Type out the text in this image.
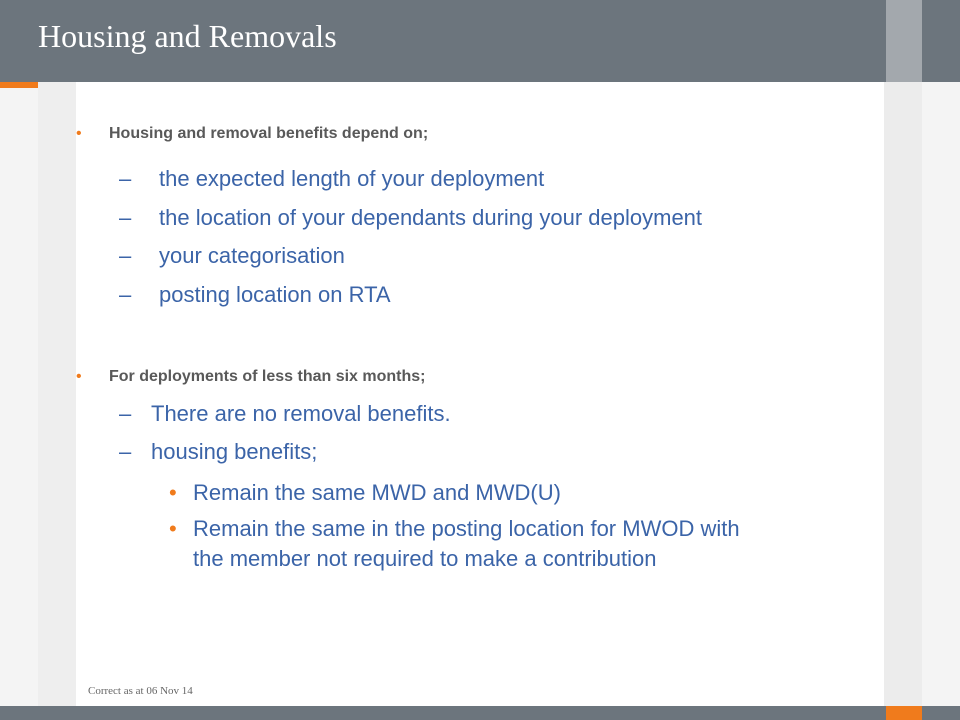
Housing and Removals
• Housing and removal benefits depend on;
– the expected length of your deployment
– the location of your dependants during your deployment
– your categorisation
– posting location on RTA
• For deployments of less than six months;
– There are no removal benefits.
– housing benefits;
• Remain the same MWD and MWD(U)
• Remain the same in the posting location for MWOD with
the member not required to make a contribution
Correct as at 06 Nov 14
